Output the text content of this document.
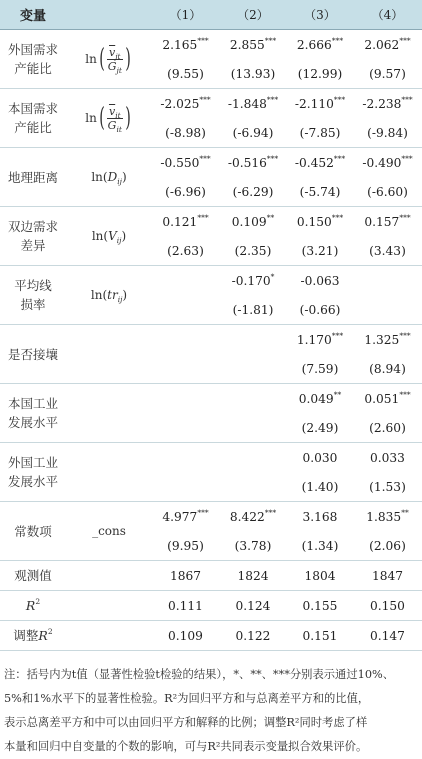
变量		（1）	（2）	（3）	（4）
外国需求
产能比	$\ln( \frac{\overline{v}_{jt}}{G_{jt}}$ )	2.165***	2.855***	2.666***	2.062***
		(9.55)	(13.93)	(12.99)	(9.57)
本国需求
产能比	$\ln( \frac{\overline{v}_{it}}{G_{it}}$ )	-2.025***	-1.848***	-2.110***	-2.238***
		(-8.98)	(-6.94)	(-7.85)	(-9.84)
地理距离	$\ln(D_{ij})$	-0.550***	-0.516***	-0.452***	-0.490***
		(-6.96)	(-6.29)	(-5.74)	(-6.60)
双边需求
差异	$\ln(V_{ij})$	0.121***	0.109**	0.150***	0.157***
		(2.63)	(2.35)	(3.21)	(3.43)
平均线
损率	$\ln(tr_{ij})$		-0.170*	-0.063	
			(-1.81)	(-0.66)	
是否接壤				1.170***	1.325***
				(7.59)	(8.94)
本国工业
发展水平				0.049**	0.051***
				(2.49)	(2.60)
外国工业
发展水平				0.030	0.033
				(1.40)	(1.53)
常数项	_cons	4.977***	8.422***	3.168	1.835**
		(9.95)	(3.78)	(1.34)	(2.06)
观测值		1867	1824	1804	1847
$R^2$		0.111	0.124	0.155	0.150
调整$R^2$		0.109	0.122	0.151	0.147
注：括号内为t值（显著性检验t检验的结果），*、**、***分别表示通过10%、
5%和1%水平下的显著性检验。R²为回归平方和与总离差平方和的比值，
表示总离差平方和中可以由回归平方和解释的比例；调整R²同时考虑了样
本量和回归中自变量的个数的影响，可与R²共同表示变量拟合效果评价。
